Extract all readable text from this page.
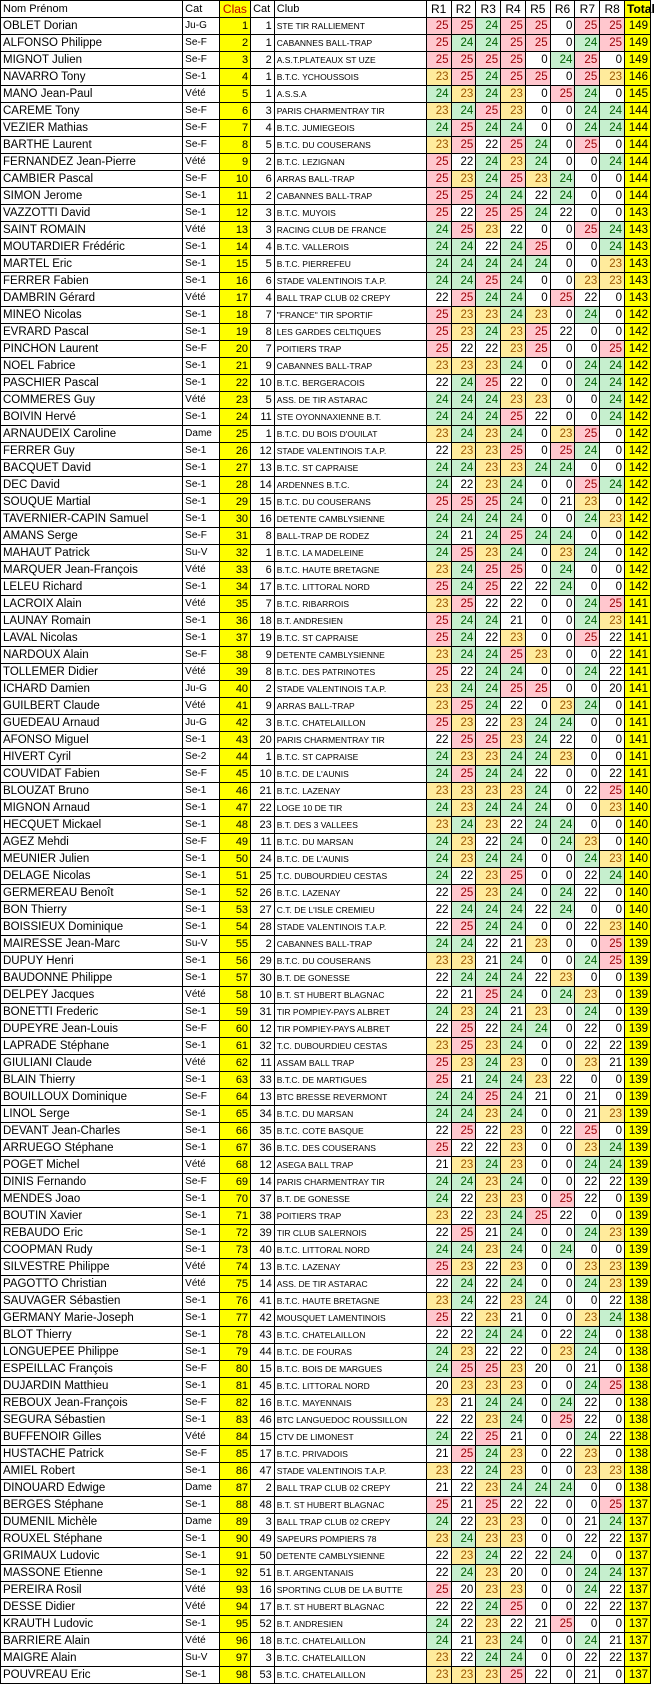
Nom Prénom	Cat	Clas	Cat	Club	R1	R2	R3	R4	R5	R6	R7	R8	Total
OBLET Dorian	Ju-G	1	1	STE TIR RALLIEMENT	25	25	24	25	25	0	25	25	149
ALFONSO Philippe	Se-F	2	1	CABANNES BALL-TRAP	25	24	24	25	25	0	24	25	149
MIGNOT Julien	Se-F	3	2	A.S.T.PLATEAUX ST UZE	25	25	25	25	0	24	25	0	149
NAVARRO Tony	Se-1	4	1	B.T.C. YCHOUSSOIS	23	25	24	25	25	0	25	23	146
MANO Jean-Paul	Vété	5	1	A.S.S.A	24	23	24	23	0	25	24	0	145
CAREME Tony	Se-F	6	3	PARIS CHARMENTRAY TIR	23	24	25	23	0	0	24	24	144
VEZIER Mathias	Se-F	7	4	B.T.C. JUMIEGEOIS	24	25	24	24	0	0	24	24	144
BARTHE Laurent	Se-F	8	5	B.T.C. DU COUSERANS	23	25	22	25	24	0	25	0	144
FERNANDEZ Jean-Pierre	Vété	9	2	B.T.C. LEZIGNAN	25	22	24	23	24	0	0	24	144
CAMBIER Pascal	Se-F	10	6	ARRAS BALL-TRAP	25	23	24	25	23	24	0	0	144
SIMON Jerome	Se-1	11	2	CABANNES BALL-TRAP	25	25	24	24	22	24	0	0	144
VAZZOTTI David	Se-1	12	3	B.T.C. MUYOIS	25	22	25	25	24	22	0	0	143
SAINT ROMAIN	Vété	13	3	RACING CLUB DE FRANCE	24	25	23	22	0	0	25	24	143
MOUTARDIER Frédéric	Se-1	14	4	B.T.C. VALLEROIS	24	24	22	24	25	0	0	24	143
MARTEL Eric	Se-1	15	5	B.T.C. PIERREFEU	24	24	24	24	24	0	0	23	143
FERRER Fabien	Se-1	16	6	STADE VALENTINOIS T.A.P.	24	24	25	24	0	0	23	23	143
DAMBRIN Gérard	Vété	17	4	BALL TRAP CLUB 02 CREPY	22	25	24	24	0	25	22	0	143
MINEO Nicolas	Se-1	18	7	"FRANCE" TIR SPORTIF	25	23	23	24	23	0	24	0	142
EVRARD Pascal	Se-1	19	8	LES GARDES CELTIQUES	25	23	24	23	25	22	0	0	142
PINCHON Laurent	Se-F	20	7	POITIERS TRAP	25	22	22	23	25	0	0	25	142
NOEL Fabrice	Se-1	21	9	CABANNES BALL-TRAP	23	23	23	24	0	0	24	24	142
PASCHIER Pascal	Se-1	22	10	B.T.C. BERGERACOIS	22	24	25	22	0	0	24	24	142
COMMERES Guy	Vété	23	5	ASS. DE TIR ASTARAC	24	24	24	23	23	0	0	24	142
BOIVIN Hervé	Se-1	24	11	STE OYONNAXIENNE B.T.	24	24	24	25	22	0	0	24	142
ARNAUDEIX Caroline	Dame	25	1	B.T.C. DU BOIS D'OUILAT	23	24	23	24	0	23	25	0	142
FERRER Guy	Se-1	26	12	STADE VALENTINOIS T.A.P.	22	23	23	25	0	25	24	0	142
BACQUET David	Se-1	27	13	B.T.C. ST CAPRAISE	24	24	23	23	24	24	0	0	142
DEC David	Se-1	28	14	ARDENNES B.T.C.	24	22	23	24	0	0	25	24	142
SOUQUE Martial	Se-1	29	15	B.T.C. DU COUSERANS	25	25	25	24	0	21	23	0	142
TAVERNIER-CAPIN Samuel	Se-1	30	16	DETENTE CAMBLYSIENNE	24	24	24	24	0	0	24	23	142
AMANS Serge	Se-F	31	8	BALL-TRAP DE RODEZ	24	21	24	25	24	24	0	0	142
MAHAUT Patrick	Su-V	32	1	B.T.C. LA MADELEINE	24	25	23	24	0	23	24	0	142
MARQUER Jean-François	Vété	33	6	B.T.C. HAUTE BRETAGNE	23	24	25	25	0	24	0	0	142
LELEU Richard	Se-1	34	17	B.T.C. LITTORAL NORD	25	24	25	22	22	24	0	0	142
LACROIX Alain	Vété	35	7	B.T.C. RIBARROIS	23	25	22	22	0	0	24	25	141
LAUNAY Romain	Se-1	36	18	B.T. ANDRESIEN	25	24	24	21	0	0	24	23	141
LAVAL Nicolas	Se-1	37	19	B.T.C. ST CAPRAISE	25	24	22	23	0	0	25	22	141
NARDOUX Alain	Se-F	38	9	DETENTE CAMBLYSIENNE	23	24	24	25	23	0	0	22	141
TOLLEMER Didier	Vété	39	8	B.T.C. DES PATRINOTES	25	22	24	24	0	0	24	22	141
ICHARD Damien	Ju-G	40	2	STADE VALENTINOIS T.A.P.	23	24	24	25	25	0	0	20	141
GUILBERT Claude	Vété	41	9	ARRAS BALL-TRAP	23	25	24	22	0	23	24	0	141
GUEDEAU Arnaud	Ju-G	42	3	B.T.C. CHATELAILLON	25	23	22	23	24	24	0	0	141
AFONSO Miguel	Se-1	43	20	PARIS CHARMENTRAY TIR	22	25	25	23	24	22	0	0	141
HIVERT Cyril	Se-2	44	1	B.T.C. ST CAPRAISE	24	23	23	24	24	23	0	0	141
COUVIDAT Fabien	Se-F	45	10	B.T.C. DE L'AUNIS	24	25	24	24	22	0	0	22	141
BLOUZAT Bruno	Se-1	46	21	B.T.C. LAZENAY	23	23	23	23	24	0	22	25	140
MIGNON Arnaud	Se-1	47	22	LOGE 10 DE TIR	24	23	24	24	24	0	0	23	140
HECQUET Mickael	Se-1	48	23	B.T. DES 3 VALLEES	23	24	23	22	24	24	0	0	140
AGEZ Mehdi	Se-F	49	11	B.T.C. DU MARSAN	24	23	22	24	0	24	23	0	140
MEUNIER Julien	Se-1	50	24	B.T.C. DE L'AUNIS	24	23	24	24	0	0	24	23	140
DELAGE Nicolas	Se-1	51	25	T.C. DUBOURDIEU CESTAS	24	22	23	25	0	0	22	24	140
GERMEREAU Benoît	Se-1	52	26	B.T.C. LAZENAY	22	25	23	24	0	24	22	0	140
BON Thierry	Se-1	53	27	C.T. DE L'ISLE CREMIEU	22	24	24	24	22	24	0	0	140
BOISSIEUX Dominique	Se-1	54	28	STADE VALENTINOIS T.A.P.	22	25	24	24	0	0	22	23	140
MAIRESSE Jean-Marc	Su-V	55	2	CABANNES BALL-TRAP	24	24	22	21	23	0	0	25	139
DUPUY Henri	Se-1	56	29	B.T.C. DU COUSERANS	23	23	21	24	0	0	24	25	139
BAUDONNE Philippe	Se-1	57	30	B.T. DE GONESSE	22	24	24	24	22	23	0	0	139
DELPEY Jacques	Vété	58	10	B.T. ST HUBERT BLAGNAC	22	21	25	24	0	24	23	0	139
BONETTI Frederic	Se-1	59	31	TIR POMPIEY-PAYS ALBRET	24	23	24	21	23	0	24	0	139
DUPEYRE Jean-Louis	Se-F	60	12	TIR POMPIEY-PAYS ALBRET	22	25	22	24	24	0	22	0	139
LAPRADE Stéphane	Se-1	61	32	T.C. DUBOURDIEU CESTAS	23	25	23	24	0	0	22	22	139
GIULIANI Claude	Vété	62	11	ASSAM BALL TRAP	25	23	24	23	0	0	23	21	139
BLAIN Thierry	Se-1	63	33	B.T.C. DE MARTIGUES	25	21	24	24	23	22	0	0	139
BOUILLOUX Dominique	Se-F	64	13	BTC BRESSE REVERMONT	24	24	25	24	21	0	21	0	139
LINOL Serge	Se-1	65	34	B.T.C. DU MARSAN	24	24	23	24	0	0	21	23	139
DEVANT Jean-Charles	Se-1	66	35	B.T.C. COTE BASQUE	22	25	22	23	0	22	25	0	139
ARRUEGO Stéphane	Se-1	67	36	B.T.C. DES COUSERANS	25	22	22	23	0	0	23	24	139
POGET Michel	Vété	68	12	ASEGA BALL TRAP	21	23	24	23	0	0	24	24	139
DINIS Fernando	Se-F	69	14	PARIS CHARMENTRAY TIR	24	24	23	24	0	0	22	22	139
MENDES Joao	Se-1	70	37	B.T. DE GONESSE	24	22	23	23	0	25	22	0	139
BOUTIN Xavier	Se-1	71	38	POITIERS TRAP	23	22	23	24	25	22	0	0	139
REBAUDO Eric	Se-1	72	39	TIR CLUB SALERNOIS	22	25	21	24	0	0	24	23	139
COOPMAN Rudy	Se-1	73	40	B.T.C. LITTORAL NORD	24	24	23	24	0	24	0	0	139
SILVESTRE Philippe	Vété	74	13	B.T.C. LAZENAY	25	23	22	23	0	0	23	23	139
PAGOTTO Christian	Vété	75	14	ASS. DE TIR ASTARAC	22	24	22	24	0	0	24	23	139
SAUVAGER Sébastien	Se-1	76	41	B.T.C. HAUTE BRETAGNE	23	24	22	23	24	0	0	22	138
GERMANY Marie-Joseph	Se-1	77	42	MOUSQUET LAMENTINOIS	25	22	23	21	0	0	23	24	138
BLOT Thierry	Se-1	78	43	B.T.C. CHATELAILLON	22	22	24	24	0	22	24	0	138
LONGUEPEE Philippe	Se-1	79	44	B.T.C. DE FOURAS	24	23	22	22	0	23	24	0	138
ESPEILLAC François	Se-F	80	15	B.T.C. BOIS DE MARGUES	24	25	25	23	20	0	21	0	138
DUJARDIN Matthieu	Se-1	81	45	B.T.C. LITTORAL NORD	20	23	23	23	0	0	24	25	138
REBOUX Jean-François	Se-F	82	16	B.T.C. MAYENNAIS	23	21	24	24	0	24	22	0	138
SEGURA Sébastien	Se-1	83	46	BTC LANGUEDOC ROUSSILLON	22	22	23	24	0	25	22	0	138
BUFFENOIR Gilles	Vété	84	15	CTV DE LIMONEST	24	22	25	21	0	0	24	22	138
HUSTACHE Patrick	Se-F	85	17	B.T.C. PRIVADOIS	21	25	24	23	0	22	23	0	138
AMIEL Robert	Se-1	86	47	STADE VALENTINOIS T.A.P.	23	22	24	23	0	0	23	23	138
DINOUARD Edwige	Dame	87	2	BALL TRAP CLUB 02 CREPY	21	22	23	24	24	24	0	0	138
BERGES Stéphane	Se-1	88	48	B.T. ST HUBERT BLAGNAC	25	21	25	22	22	0	0	25	137
DUMENIL Michèle	Dame	89	3	BALL TRAP CLUB 02 CREPY	24	22	23	23	0	0	21	24	137
ROUXEL Stéphane	Se-1	90	49	SAPEURS POMPIERS 78	23	24	23	23	0	0	22	22	137
GRIMAUX Ludovic	Se-1	91	50	DETENTE CAMBLYSIENNE	22	23	24	22	22	24	0	0	137
MASSONE Etienne	Se-1	92	51	B.T. ARGENTANAIS	22	24	23	20	0	0	24	24	137
PEREIRA Rosil	Vété	93	16	SPORTING CLUB DE LA BUTTE	25	20	23	23	0	0	24	22	137
DESSE Didier	Vété	94	17	B.T. ST HUBERT BLAGNAC	22	22	24	25	0	0	22	22	137
KRAUTH Ludovic	Se-1	95	52	B.T. ANDRESIEN	24	22	23	22	21	25	0	0	137
BARRIERE Alain	Vété	96	18	B.T.C. CHATELAILLON	24	21	23	24	0	0	24	21	137
MAIGRE Alain	Su-V	97	3	B.T.C. CHATELAILLON	23	22	24	24	0	0	22	22	137
POUVREAU Eric	Se-1	98	53	B.T.C. CHATELAILLON	23	23	23	25	22	0	21	0	137
